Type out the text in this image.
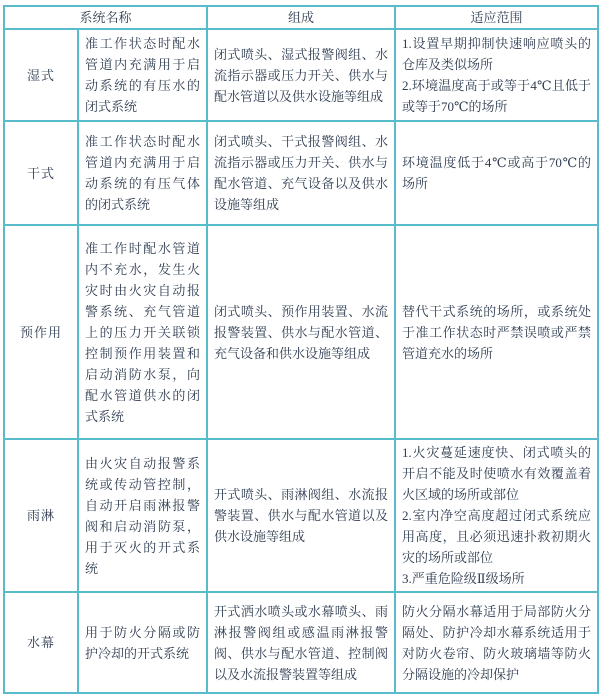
系统名称		组成	适应范围
湿式	准工作状态时配水管道内充满用于启动系统的有压水的闭式系统	闭式喷头、湿式报警阀组、水流指示器或压力开关、供水与配水管道以及供水设施等组成	1.设置早期抑制快速响应喷头的仓库及类似场所
2.环境温度高于或等于4℃且低于或等于70℃的场所

干式	准工作状态时配水管道内充满用于启动系统的有压气体的闭式系统	闭式喷头、干式报警阀组、水流指示器或压力开关、供水与配水管道、充气设备以及供水设施等组成	环境温度低于4℃或高于70℃的场所

预作用	准工作时配水管道内不充水，发生火灾时由火灾自动报警系统、充气管道上的压力开关联锁控制预作用装置和启动消防水泵，向配水管道供水的闭式系统	闭式喷头、预作用装置、水流报警装置、供水与配水管道、充气设备和供水设施等组成	替代干式系统的场所，或系统处于准工作状态时严禁误喷或严禁管道充水的场所

雨淋	由火灾自动报警系统或传动管控制，自动开启雨淋报警阀和启动消防泵，用于灭火的开式系统	开式喷头、雨淋阀组、水流报警装置、供水与配水管道以及供水设施等组成	1.火灾蔓延速度快、闭式喷头的开启不能及时使喷水有效覆盖着火区域的场所或部位
2.室内净空高度超过闭式系统应用高度，且必须迅速扑救初期火灾的场所或部位
3.严重危险级Ⅱ级场所

水幕	用于防火分隔或防护冷却的开式系统	开式洒水喷头或水幕喷头、雨淋报警阀组或感温雨淋报警阀、供水与配水管道、控制阀以及水流报警装置等组成	防火分隔水幕适用于局部防火分隔处、防护冷却水幕系统适用于对防火卷帘、防火玻璃墙等防火分隔设施的冷却保护
